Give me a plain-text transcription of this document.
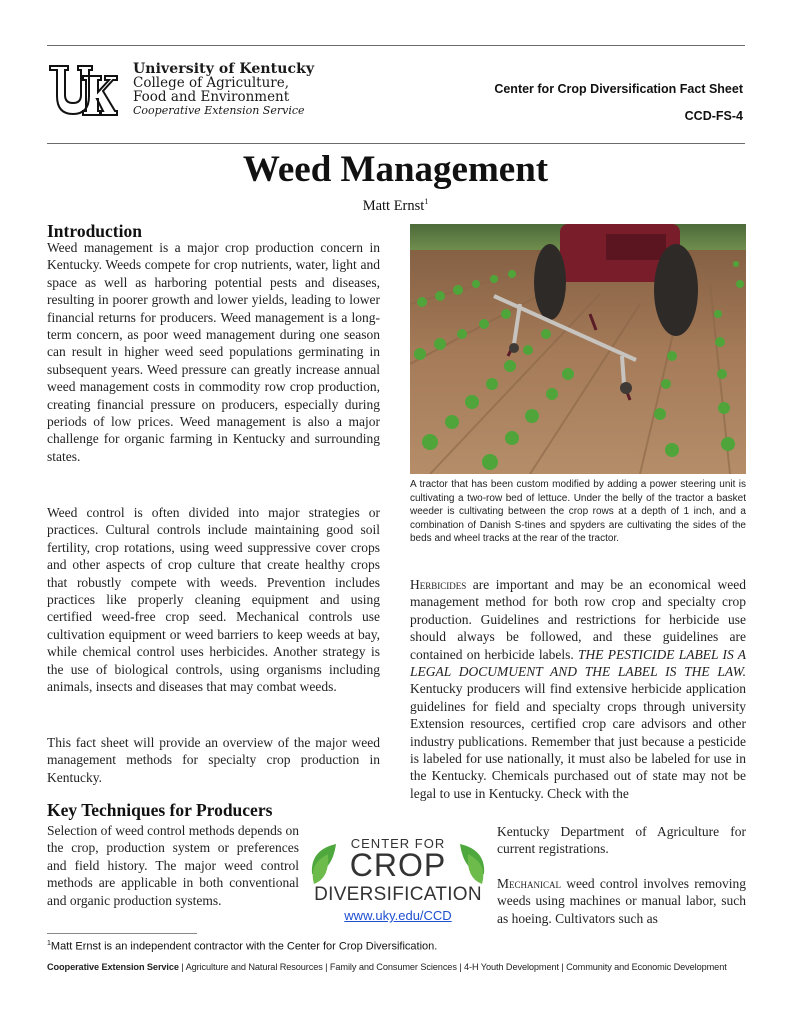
University of Kentucky
College of Agriculture,
Food and Environment
Cooperative Extension Service
Center for Crop Diversification Fact Sheet
CCD-FS-4
Weed Management
Matt Ernst$^1$
Introduction
Weed management is a major crop production concern in Kentucky. Weeds compete for crop nutrients, water, light and space as well as harboring potential pests and diseases, resulting in poorer growth and lower yields, leading to lower financial returns for producers. Weed management is a long-term concern, as poor weed management during one season can result in higher weed seed populations germinating in subsequent years. Weed pressure can greatly increase annual weed management costs in commodity row crop production, creating financial pressure on producers, especially during periods of low prices. Weed management is also a major challenge for organic farming in Kentucky and surrounding states.
Weed control is often divided into major strategies or practices. Cultural controls include maintaining good soil fertility, crop rotations, using weed suppressive cover crops and other aspects of crop culture that create healthy crops that robustly compete with weeds. Prevention includes practices like properly cleaning equipment and using certified weed-free crop seed. Mechanical controls use cultivation equipment or weed barriers to keep weeds at bay, while chemical control uses herbicides. Another strategy is the use of biological controls, using organisms including animals, insects and diseases that may combat weeds.
This fact sheet will provide an overview of the major weed management methods for specialty crop production in Kentucky.
Key Techniques for Producers
Selection of weed control methods depends on the crop, production system or preferences and field history. The major weed control methods are applicable in both conventional and organic production systems.
A tractor that has been custom modified by adding a power steering unit is cultivating a two-row bed of lettuce. Under the belly of the tractor a basket weeder is cultivating between the crop rows at a depth of 1 inch, and a combination of Danish S-tines and spyders are cultivating the sides of the beds and wheel tracks at the rear of the tractor.
Herbicides are important and may be an economical weed management method for both row crop and specialty crop production. Guidelines and restrictions for herbicide use should always be followed, and these guidelines are contained on herbicide labels. THE PESTICIDE LABEL IS A LEGAL DOCUMUENT AND THE LABEL IS THE LAW. Kentucky producers will find extensive herbicide application guidelines for field and specialty crops through university Extension resources, certified crop care advisors and other industry publications. Remember that just because a pesticide is labeled for use nationally, it must also be labeled for use in the Kentucky. Chemicals purchased out of state may not be legal to use in Kentucky. Check with the
Kentucky Department of Agriculture for current registrations.
Mechanical weed control involves removing weeds using machines or manual labor, such as hoeing. Cultivators such as
CENTER FOR
CROP
DIVERSIFICATION
www.uky.edu/CCD
$^1$Matt Ernst is an independent contractor with the Center for Crop Diversification.
Cooperative Extension Service | Agriculture and Natural Resources | Family and Consumer Sciences | 4-H Youth Development | Community and Economic Development
